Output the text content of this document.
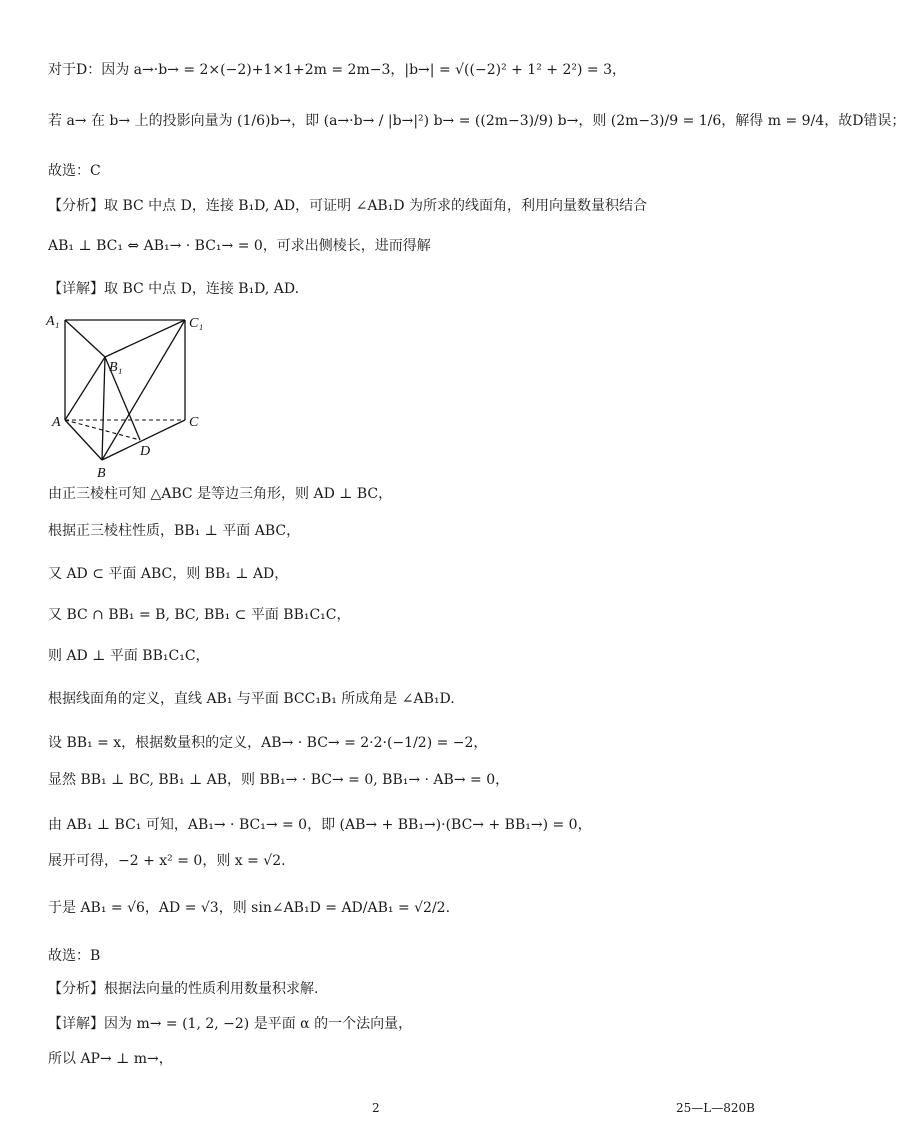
对于D：因为 a→·b→ = 2×(−2)+1×1+2m = 2m−3，|b→| = √((−2)² + 1² + 2²) = 3，
若 a→ 在 b→ 上的投影向量为 (1/6)b→，即 (a→·b→ / |b→|²) b→ = ((2m−3)/9) b→，则 (2m−3)/9 = 1/6，解得 m = 9/4，故D错误；
故选：C
【分析】取 BC 中点 D，连接 B₁D, AD，可证明 ∠AB₁D 为所求的线面角，利用向量数量积结合
AB₁ ⊥ BC₁ ⇔ AB₁→ · BC₁→ = 0，可求出侧棱长，进而得解
【详解】取 BC 中点 D，连接 B₁D, AD.
A₁	C₁
B₁
A	C
D
B
由正三棱柱可知 △ABC 是等边三角形，则 AD ⊥ BC，
根据正三棱柱性质，BB₁ ⊥ 平面 ABC，
又 AD ⊂ 平面 ABC，则 BB₁ ⊥ AD，
又 BC ∩ BB₁ = B, BC, BB₁ ⊂ 平面 BB₁C₁C，
则 AD ⊥ 平面 BB₁C₁C，
根据线面角的定义，直线 AB₁ 与平面 BCC₁B₁ 所成角是 ∠AB₁D.
设 BB₁ = x，根据数量积的定义，AB→ · BC→ = 2·2·(−1/2) = −2，
显然 BB₁ ⊥ BC, BB₁ ⊥ AB，则 BB₁→ · BC→ = 0, BB₁→ · AB→ = 0，
由 AB₁ ⊥ BC₁ 可知，AB₁→ · BC₁→ = 0，即 (AB→ + BB₁→)·(BC→ + BB₁→) = 0，
展开可得，−2 + x² = 0，则 x = √2.
于是 AB₁ = √6，AD = √3，则 sin∠AB₁D = AD/AB₁ = √2/2.
故选：B
【分析】根据法向量的性质利用数量积求解.
【详解】因为 m→ = (1, 2, −2) 是平面 α 的一个法向量，
所以 AP→ ⊥ m→，
2	25—L—820B
